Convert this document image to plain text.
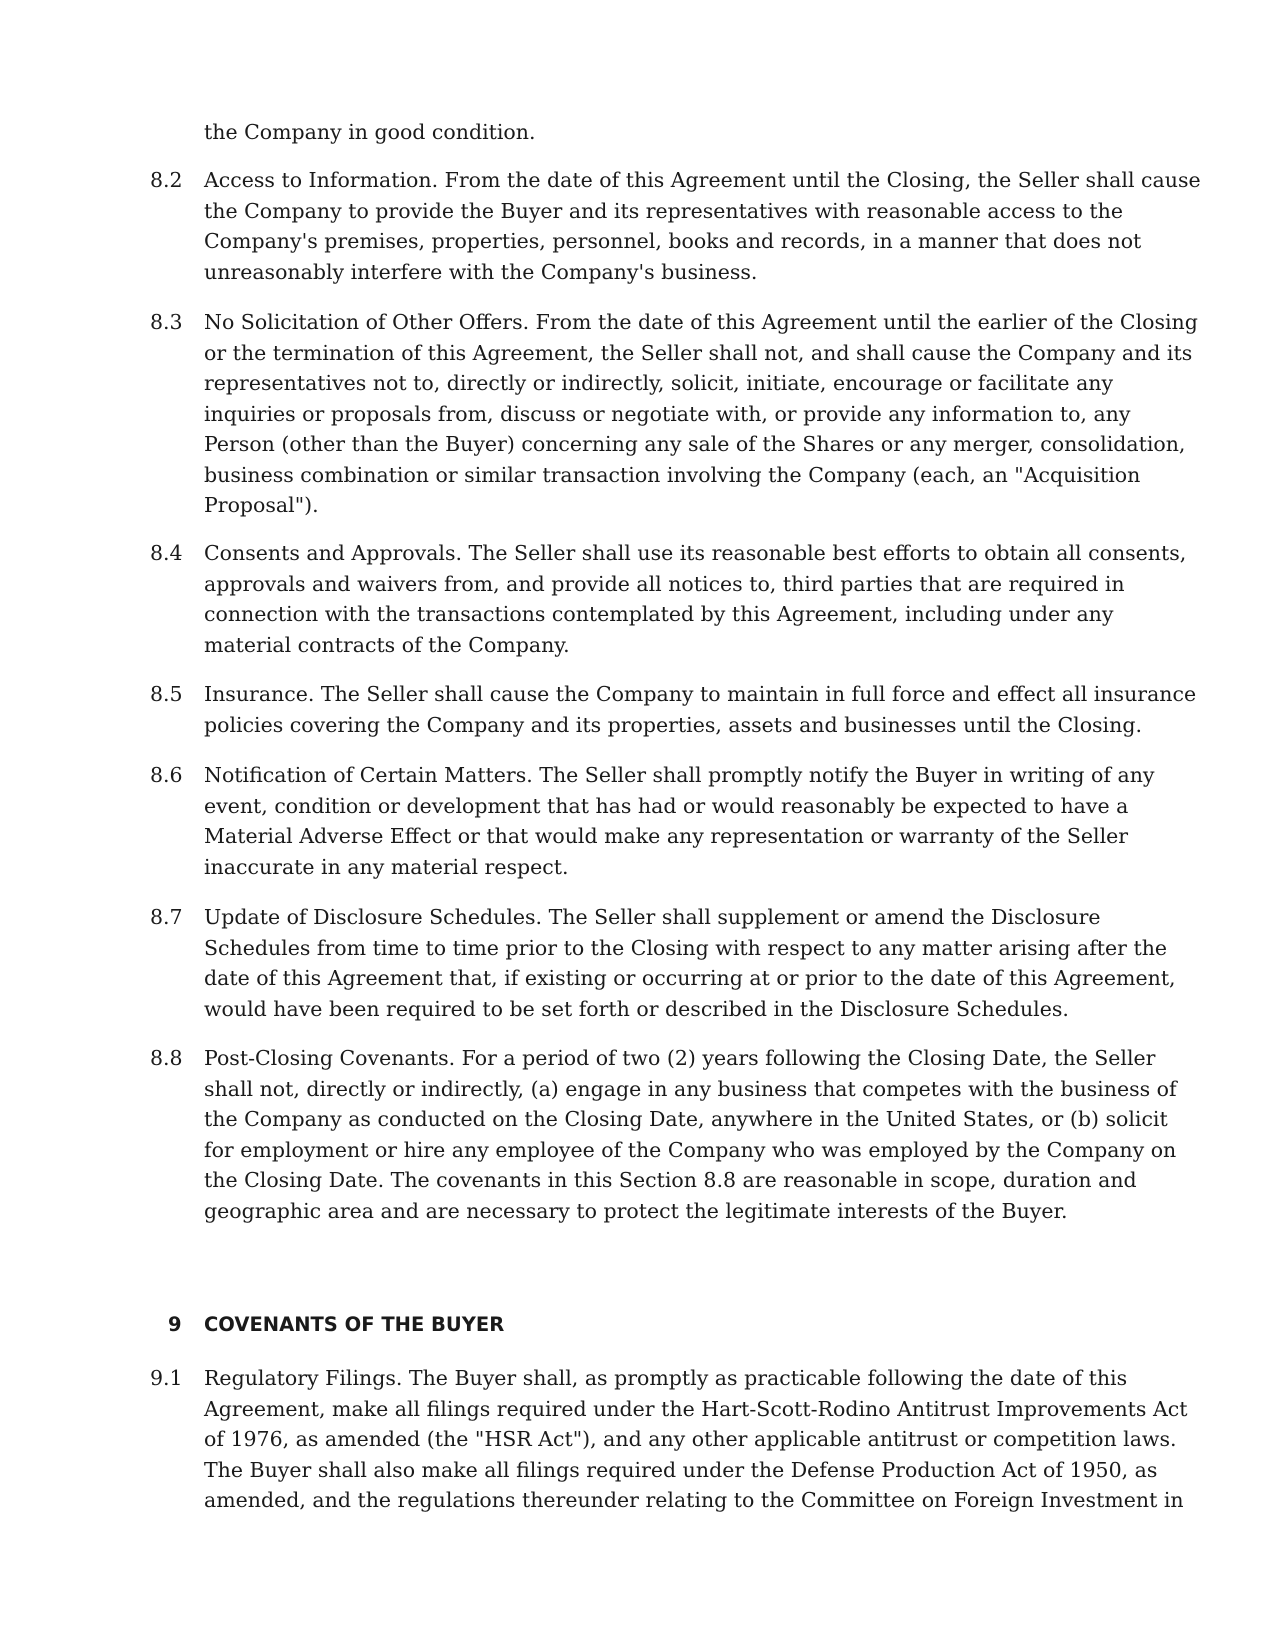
the Company in good condition.
8.2	Access to Information. From the date of this Agreement until the Closing, the Seller shall cause
the Company to provide the Buyer and its representatives with reasonable access to the
Company's premises, properties, personnel, books and records, in a manner that does not
unreasonably interfere with the Company's business.
8.3	No Solicitation of Other Offers. From the date of this Agreement until the earlier of the Closing
or the termination of this Agreement, the Seller shall not, and shall cause the Company and its
representatives not to, directly or indirectly, solicit, initiate, encourage or facilitate any
inquiries or proposals from, discuss or negotiate with, or provide any information to, any
Person (other than the Buyer) concerning any sale of the Shares or any merger, consolidation,
business combination or similar transaction involving the Company (each, an "Acquisition
Proposal").
8.4	Consents and Approvals. The Seller shall use its reasonable best efforts to obtain all consents,
approvals and waivers from, and provide all notices to, third parties that are required in
connection with the transactions contemplated by this Agreement, including under any
material contracts of the Company.
8.5	Insurance. The Seller shall cause the Company to maintain in full force and effect all insurance
policies covering the Company and its properties, assets and businesses until the Closing.
8.6	Notification of Certain Matters. The Seller shall promptly notify the Buyer in writing of any
event, condition or development that has had or would reasonably be expected to have a
Material Adverse Effect or that would make any representation or warranty of the Seller
inaccurate in any material respect.
8.7	Update of Disclosure Schedules. The Seller shall supplement or amend the Disclosure
Schedules from time to time prior to the Closing with respect to any matter arising after the
date of this Agreement that, if existing or occurring at or prior to the date of this Agreement,
would have been required to be set forth or described in the Disclosure Schedules.
8.8	Post-Closing Covenants. For a period of two (2) years following the Closing Date, the Seller
shall not, directly or indirectly, (a) engage in any business that competes with the business of
the Company as conducted on the Closing Date, anywhere in the United States, or (b) solicit
for employment or hire any employee of the Company who was employed by the Company on
the Closing Date. The covenants in this Section 8.8 are reasonable in scope, duration and
geographic area and are necessary to protect the legitimate interests of the Buyer.
9 COVENANTS OF THE BUYER
9.1	Regulatory Filings. The Buyer shall, as promptly as practicable following the date of this
Agreement, make all filings required under the Hart-Scott-Rodino Antitrust Improvements Act
of 1976, as amended (the "HSR Act"), and any other applicable antitrust or competition laws.
The Buyer shall also make all filings required under the Defense Production Act of 1950, as
amended, and the regulations thereunder relating to the Committee on Foreign Investment in
